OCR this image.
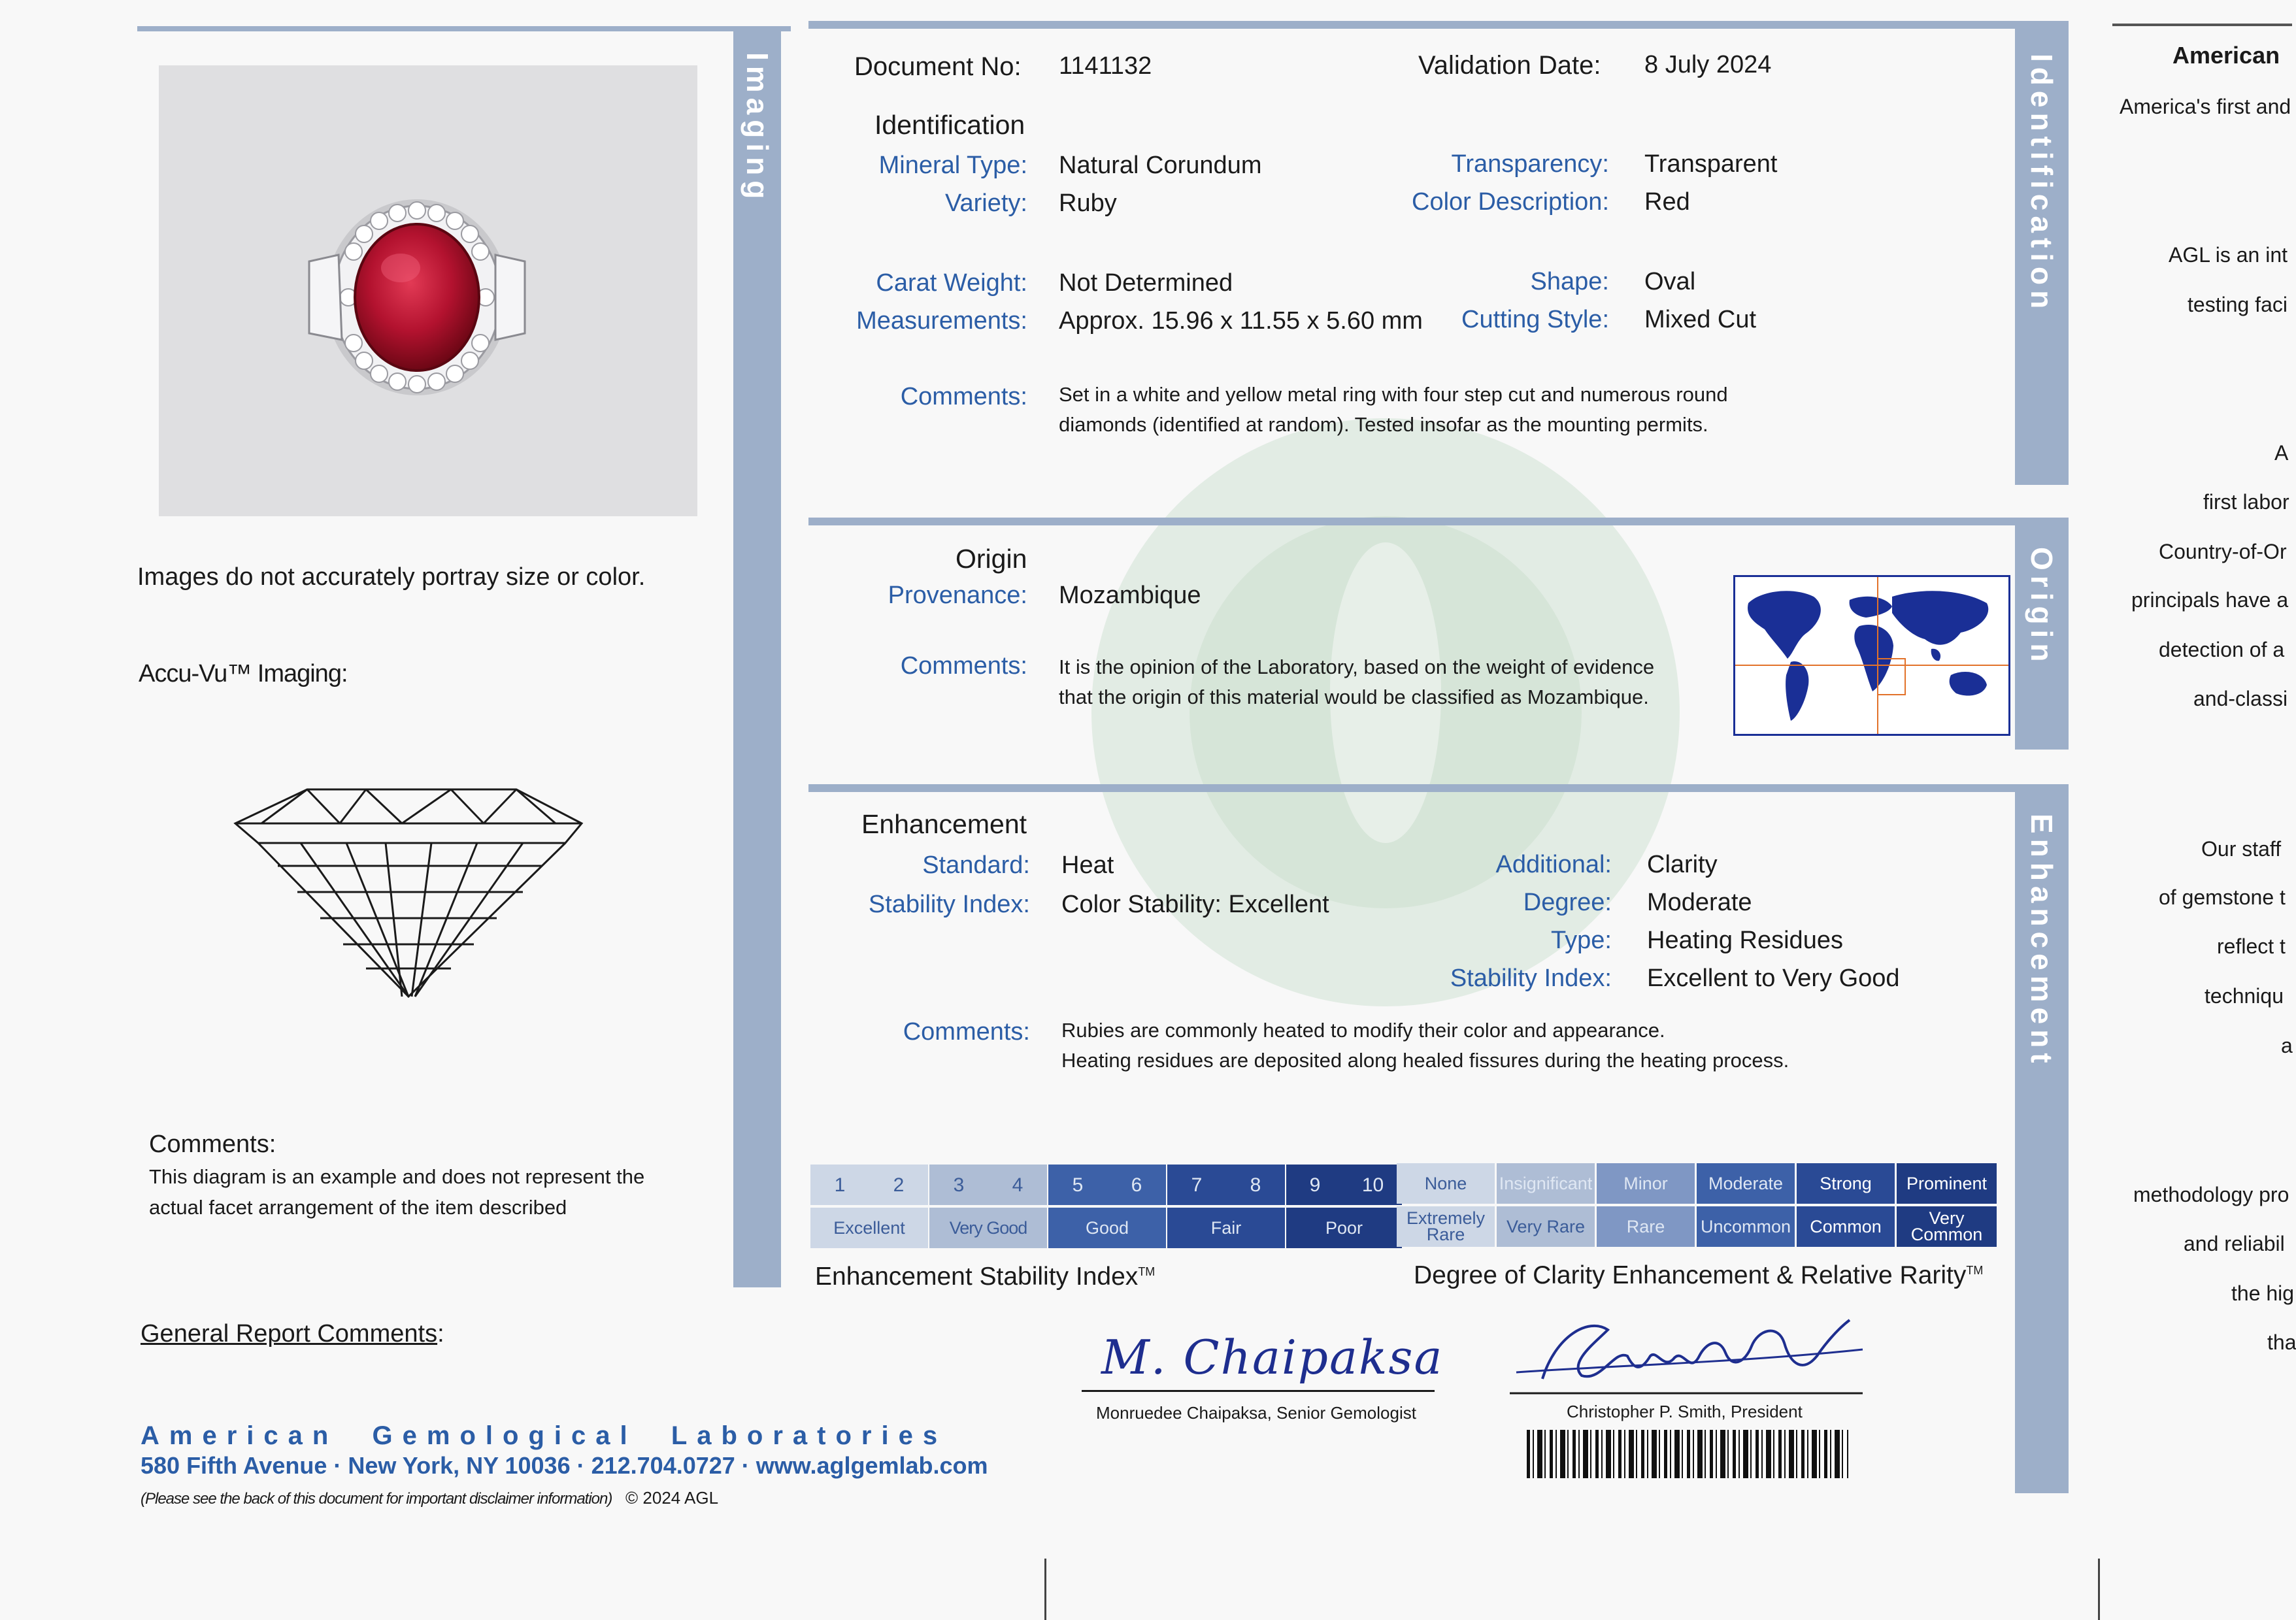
Imaging
Images do not accurately portray size or color.
Accu-Vu™ Imaging:
Comments:
This diagram is an example and does not represent the
actual facet arrangement of the item described
General Report Comments:
American  Gemological  Laboratories
580 Fifth Avenue · New York, NY 10036 · 212.704.0727 · www.aglgemlab.com
(Please see the back of this document for important disclaimer information) © 2024 AGL
Identification
Document No: 1141132	Validation Date: 8 July 2024
Identification
Mineral Type: Natural Corundum
Variety: Ruby
Transparency: Transparent
Color Description: Red
Carat Weight: Not Determined
Measurements: Approx. 15.96 x 11.55 x 5.60 mm
Shape: Oval
Cutting Style: Mixed Cut
Comments: Set in a white and yellow metal ring with four step cut and numerous round
diamonds (identified at random). Tested insofar as the mounting permits.
Origin
Origin
Provenance: Mozambique
Comments: It is the opinion of the Laboratory, based on the weight of evidence
that the origin of this material would be classified as Mozambique.
Enhancement
Enhancement
Standard: Heat
Stability Index: Color Stability: Excellent
Additional: Clarity
Degree: Moderate
Type: Heating Residues
Stability Index: Excellent to Very Good
Comments: Rubies are commonly heated to modify their color and appearance.
Heating residues are deposited along healed fissures during the heating process.
1	2	3	4	5	6	7	8	9	10
Excellent	Very Good	Good	Fair	Poor
Enhancement Stability Index™
None	Insignificant	Minor	Moderate	Strong	Prominent
Extremely
Rare	Very Rare	Rare	Uncommon	Common	Very
Common
Degree of Clarity Enhancement & Relative Rarity™
M. Chaipaksa
Monruedee Chaipaksa, Senior Gemologist	Christopher P. Smith, President
American
America's first and
AGL is an int
testing faci
A
first labor
Country-of-Or
principals have a
detection of a
and-classi
Our staff
of gemstone t
reflect t
techniqu
a
methodology pro
and reliabil
the hig
tha
